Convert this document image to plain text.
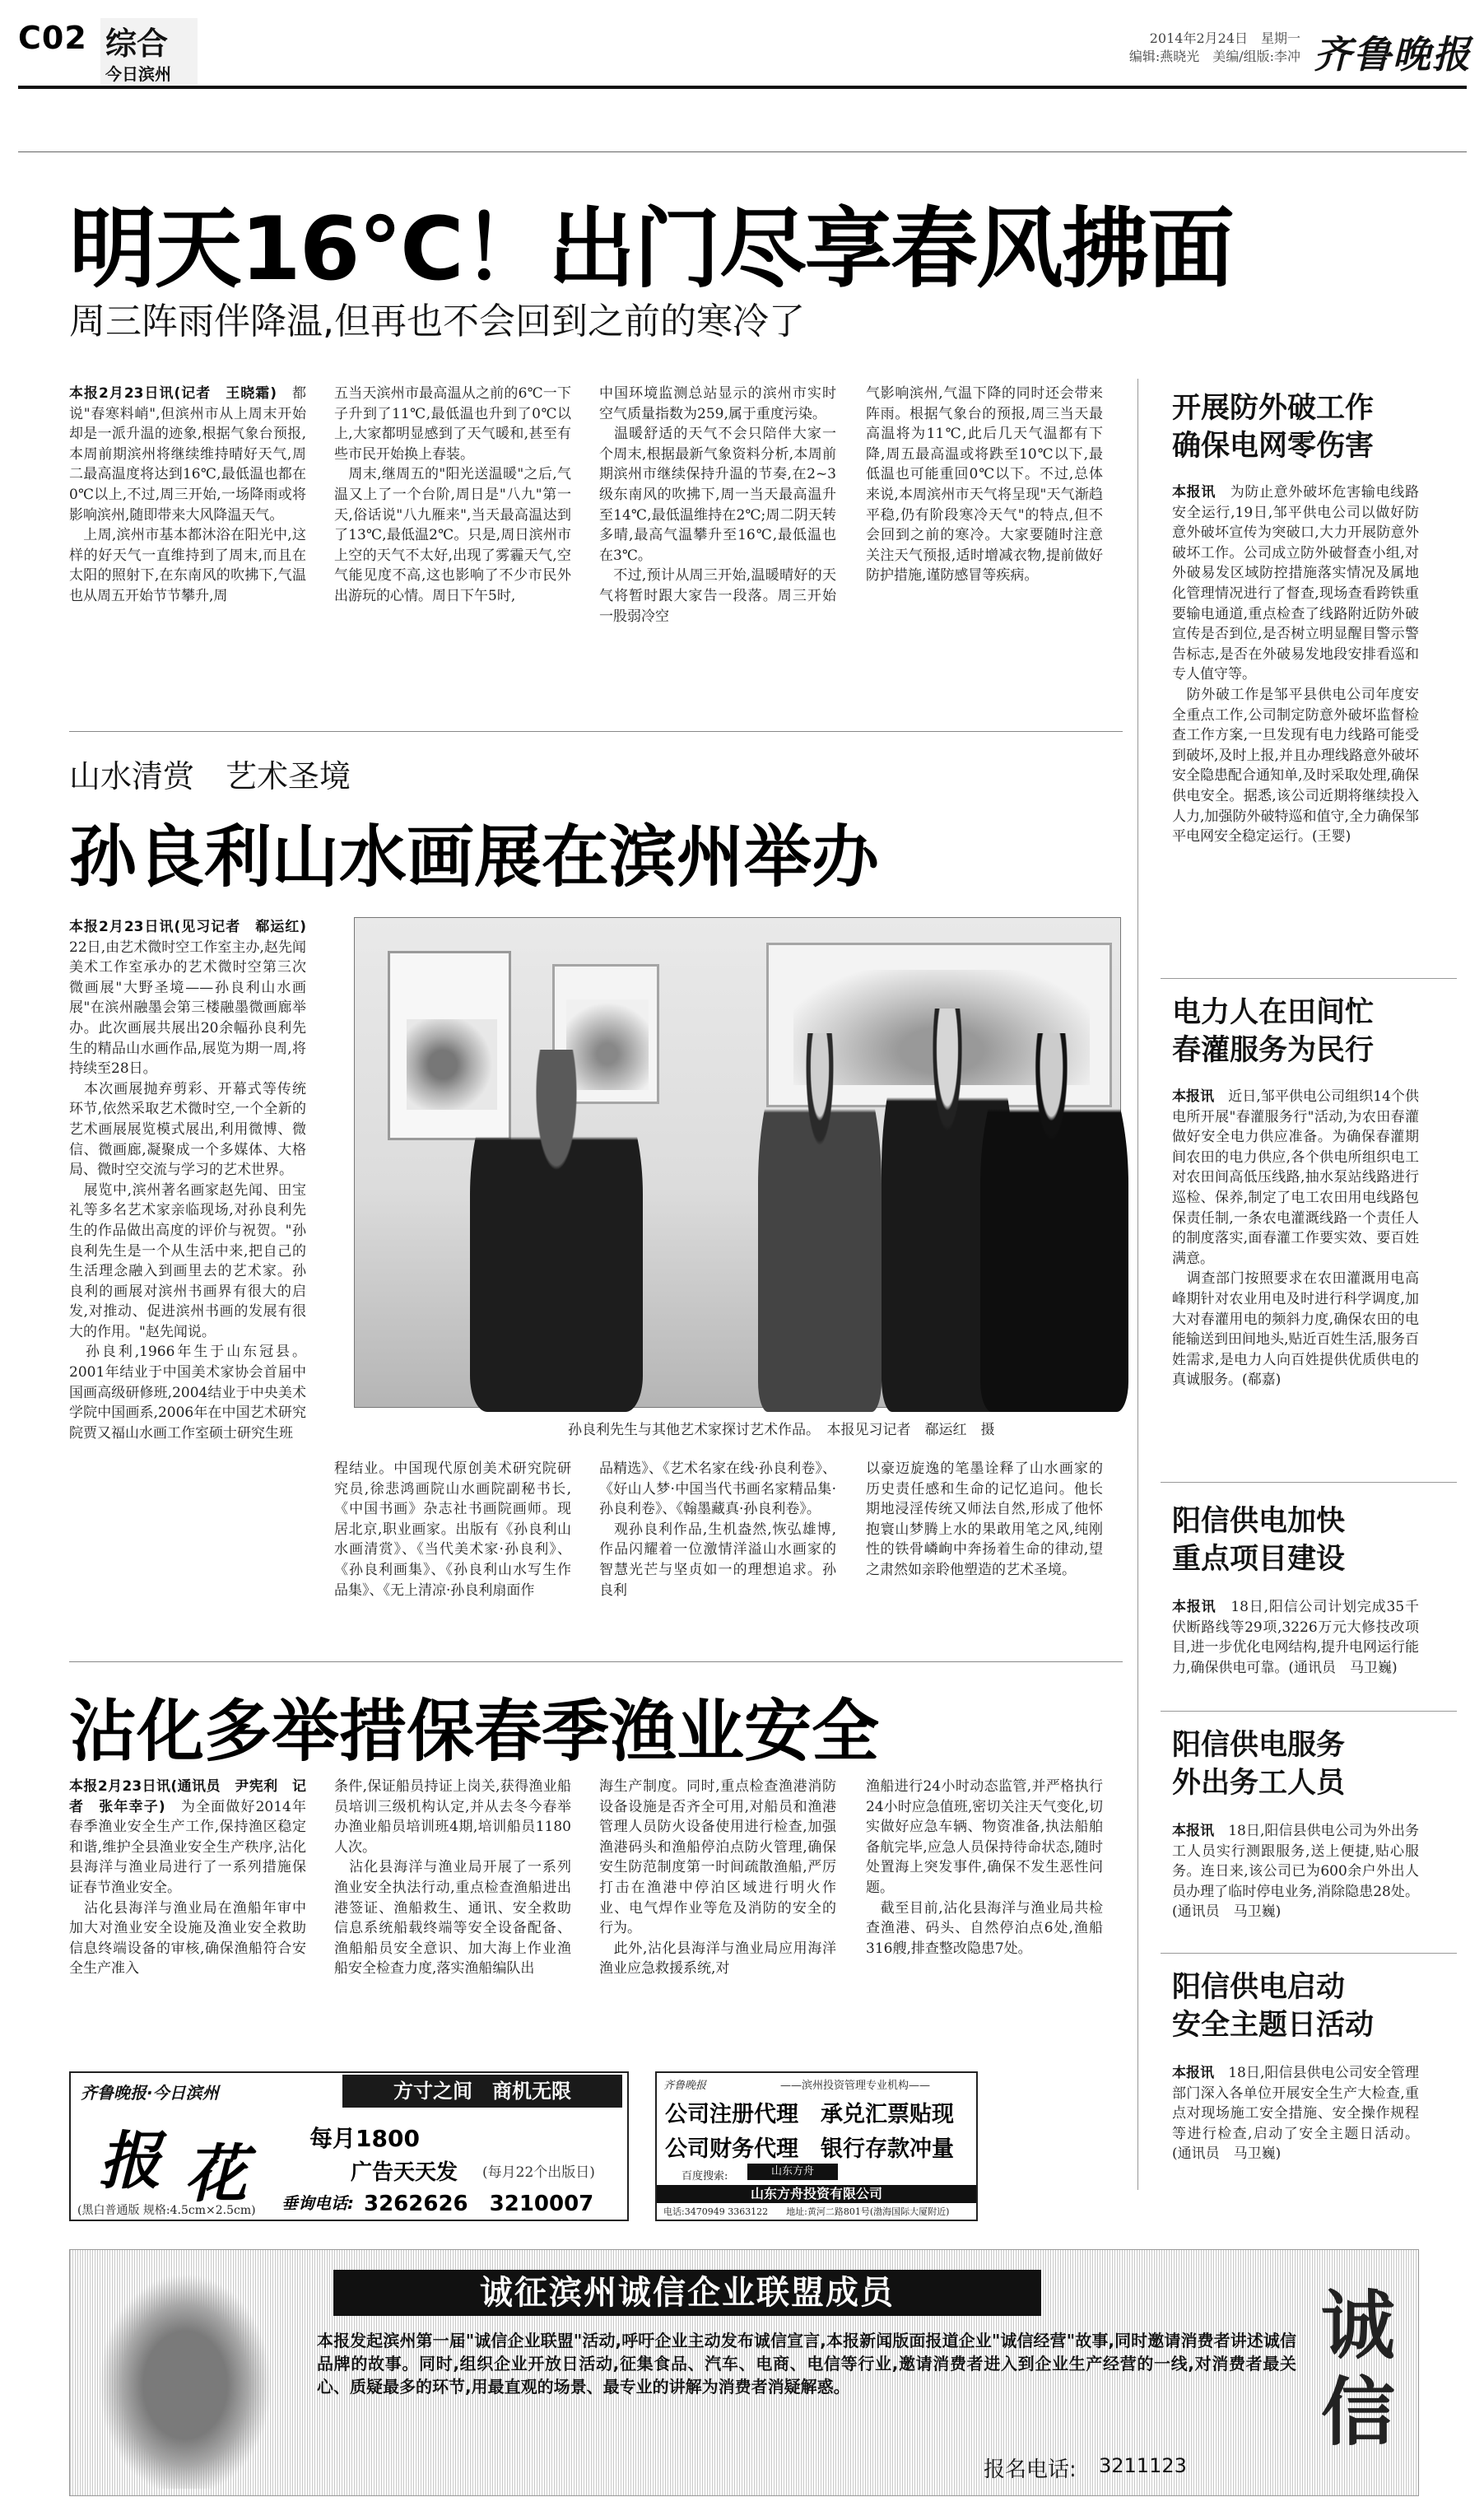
C02 综合
今日滨州
2014年2月24日　星期一
编辑:燕晓光　美编/组版:李冲 齐鲁晚报
明天16℃！出门尽享春风拂面
周三阵雨伴降温,但再也不会回到之前的寒冷了
本报2月23日讯(记者　王晓霜)　都说"春寒料峭",但滨州市从上周末开始却是一派升温的迹象,根据气象台预报,本周前期滨州将继续维持晴好天气,周二最高温度将达到16℃,最低温也都在0℃以上,不过,周三开始,一场降雨或将影响滨州,随即带来大风降温天气。
　上周,滨州市基本都沐浴在阳光中,这样的好天气一直维持到了周末,而且在太阳的照射下,在东南风的吹拂下,气温也从周五开始节节攀升,周
五当天滨州市最高温从之前的6℃一下子升到了11℃,最低温也升到了0℃以上,大家都明显感到了天气暖和,甚至有些市民开始换上春装。
　周末,继周五的"阳光送温暖"之后,气温又上了一个台阶,周日是"八九"第一天,俗话说"八九雁来",当天最高温达到了13℃,最低温2℃。只是,周日滨州市上空的天气不太好,出现了雾霾天气,空气能见度不高,这也影响了不少市民外出游玩的心情。周日下午5时,
中国环境监测总站显示的滨州市实时空气质量指数为259,属于重度污染。
　温暖舒适的天气不会只陪伴大家一个周末,根据最新气象资料分析,本周前期滨州市继续保持升温的节奏,在2~3级东南风的吹拂下,周一当天最高温升至14℃,最低温维持在2℃;周二阴天转多晴,最高气温攀升至16℃,最低温也在3℃。
　不过,预计从周三开始,温暖晴好的天气将暂时跟大家告一段落。周三开始一股弱冷空
气影响滨州,气温下降的同时还会带来阵雨。根据气象台的预报,周三当天最高温将为11℃,此后几天气温都有下降,周五最高温或将跌至10℃以下,最低温也可能重回0℃以下。不过,总体来说,本周滨州市天气将呈现"天气渐趋平稳,仍有阶段寒冷天气"的特点,但不会回到之前的寒冷。大家要随时注意关注天气预报,适时增减衣物,提前做好防护措施,谨防感冒等疾病。
山水清赏　艺术圣境
孙良利山水画展在滨州举办
本报2月23日讯(见习记者　郗运红)　22日,由艺术微时空工作室主办,赵先闻美术工作室承办的艺术微时空第三次微画展"大野圣境——孙良利山水画展"在滨州融墨会第三楼融墨微画廊举办。此次画展共展出20余幅孙良利先生的精品山水画作品,展览为期一周,将持续至28日。
　本次画展抛弃剪彩、开幕式等传统环节,依然采取艺术微时空,一个全新的艺术画展展览模式展出,利用微博、微信、微画廊,凝聚成一个多媒体、大格局、微时空交流与学习的艺术世界。
　展览中,滨州著名画家赵先闻、田宝礼等多名艺术家亲临现场,对孙良利先生的作品做出高度的评价与祝贺。"孙良利先生是一个从生活中来,把自己的生活理念融入到画里去的艺术家。孙良利的画展对滨州书画界有很大的启发,对推动、促进滨州书画的发展有很大的作用。"赵先闻说。
　孙良利,1966年生于山东冠县。2001年结业于中国美术家协会首届中国画高级研修班,2004结业于中央美术学院中国画系,2006年在中国艺术研究院贾又福山水画工作室硕士研究生班	孙良利先生与其他艺术家探讨艺术作品。　本报见习记者　郗运红　摄
程结业。中国现代原创美术研究院研究员,徐悲鸿画院山水画院副秘书长,《中国书画》杂志社书画院画师。现居北京,职业画家。出版有《孙良利山水画清赏》、《当代美术家·孙良利》、《孙良利画集》、《孙良利山水写生作品集》、《无上清凉·孙良利扇面作
品精选》、《艺术名家在线·孙良利卷》、《好山人梦·中国当代书画名家精品集·孙良利卷》、《翰墨藏真·孙良利卷》。
　观孙良利作品,生机盎然,恢弘雄博,作品闪耀着一位激情洋溢山水画家的智慧光芒与坚贞如一的理想追求。孙良利
以豪迈旋逸的笔墨诠释了山水画家的历史责任感和生命的记忆追问。他长期地浸淫传统又师法自然,形成了他怀抱寰山梦腾上水的果敢用笔之风,纯刚性的铁骨嶙峋中奔扬着生命的律动,望之肃然如亲聆他塑造的艺术圣境。
沾化多举措保春季渔业安全
本报2月23日讯(通讯员　尹宪利　记者　张年幸子)　为全面做好2014年春季渔业安全生产工作,保持渔区稳定和谐,维护全县渔业安全生产秩序,沾化县海洋与渔业局进行了一系列措施保证春节渔业安全。
　沾化县海洋与渔业局在渔船年审中加大对渔业安全设施及渔业安全救助信息终端设备的审核,确保渔船符合安全生产准入
条件,保证船员持证上岗关,获得渔业船员培训三级机构认定,并从去冬今春举办渔业船员培训班4期,培训船员1180人次。
　沾化县海洋与渔业局开展了一系列渔业安全执法行动,重点检查渔船进出港签证、渔船救生、通讯、安全救助信息系统船载终端等安全设备配备、渔船船员安全意识、加大海上作业渔船安全检查力度,落实渔船编队出
海生产制度。同时,重点检查渔港消防设备设施是否齐全可用,对船员和渔港管理人员防火设备使用进行检查,加强渔港码头和渔船停泊点防火管理,确保安生防范制度第一时间疏散渔船,严厉打击在渔港中停泊区域进行明火作业、电气焊作业等危及消防的安全的行为。
　此外,沾化县海洋与渔业局应用海洋渔业应急救援系统,对
渔船进行24小时动态监管,并严格执行24小时应急值班,密切关注天气变化,切实做好应急车辆、物资准备,执法船舶备航完毕,应急人员保持待命状态,随时处置海上突发事件,确保不发生恶性问题。
　截至目前,沾化县海洋与渔业局共检查渔港、码头、自然停泊点6处,渔船316艘,排查整改隐患7处。
齐鲁晚报·今日滨州	方寸之间　商机无限
报 花	每月1800
广告天天发 (每月22个出版日)
垂询电话: 3262626　3210007
(黑白普通版 规格:4.5cm×2.5cm)
齐鲁晚报	——滨州投资管理专业机构——
公司注册代理　承兑汇票贴现
公司财务代理　银行存款冲量
百度搜索:	山东方舟
山东方舟投资有限公司
电话:3470949 3363122　　地址:黄河二路801号(渤海国际大厦附近)
开展防外破工作
确保电网零伤害
本报讯　为防止意外破坏危害输电线路安全运行,19日,邹平供电公司以做好防意外破坏宣传为突破口,大力开展防意外破坏工作。公司成立防外破督查小组,对外破易发区域防控措施落实情况及属地化管理情况进行了督查,现场查看跨铁重要输电通道,重点检查了线路附近防外破宣传是否到位,是否树立明显醒目警示警告标志,是否在外破易发地段安排看巡和专人值守等。
　防外破工作是邹平县供电公司年度安全重点工作,公司制定防意外破坏监督检查工作方案,一旦发现有电力线路可能受到破坏,及时上报,并且办理线路意外破坏安全隐患配合通知单,及时采取处理,确保供电安全。据悉,该公司近期将继续投入人力,加强防外破特巡和值守,全力确保邹平电网安全稳定运行。(王婴)
电力人在田间忙
春灌服务为民行
本报讯　近日,邹平供电公司组织14个供电所开展"春灌服务行"活动,为农田春灌做好安全电力供应准备。为确保春灌期间农田的电力供应,各个供电所组织电工对农田间高低压线路,抽水泵站线路进行巡检、保养,制定了电工农田用电线路包保责任制,一条农电灌溉线路一个责任人的制度落实,面春灌工作要实效、要百姓满意。
　调查部门按照要求在农田灌溉用电高峰期针对农业用电及时进行科学调度,加大对春灌用电的频斜力度,确保农田的电能输送到田间地头,贴近百姓生活,服务百姓需求,是电力人向百姓提供优质供电的真诚服务。(郗嘉)
阳信供电加快
重点项目建设
本报讯　18日,阳信公司计划完成35千伏断路线等29项,3226万元大修技改项目,进一步优化电网结构,提升电网运行能力,确保供电可靠。(通讯员　马卫巍)
阳信供电服务
外出务工人员
本报讯　18日,阳信县供电公司为外出务工人员实行测跟服务,送上便捷,贴心服务。连日来,该公司已为600余户外出人员办理了临时停电业务,消除隐患28处。(通讯员　马卫巍)
阳信供电启动
安全主题日活动
本报讯　18日,阳信县供电公司安全管理部门深入各单位开展安全生产大检查,重点对现场施工安全措施、安全操作规程等进行检查,启动了安全主题日活动。(通讯员　马卫巍)
诚征滨州诚信企业联盟成员
本报发起滨州第一届"诚信企业联盟"活动,呼吁企业主动发布诚信宣言,本报新闻版面报道企业"诚信经营"故事,同时邀请消费者讲述诚信品牌的故事。同时,组织企业开放日活动,征集食品、汽车、电商、电信等行业,邀请消费者进入到企业生产经营的一线,对消费者最关心、质疑最多的环节,用最直观的场景、最专业的讲解为消费者消疑解惑。
报名电话: 3211123
诚信
